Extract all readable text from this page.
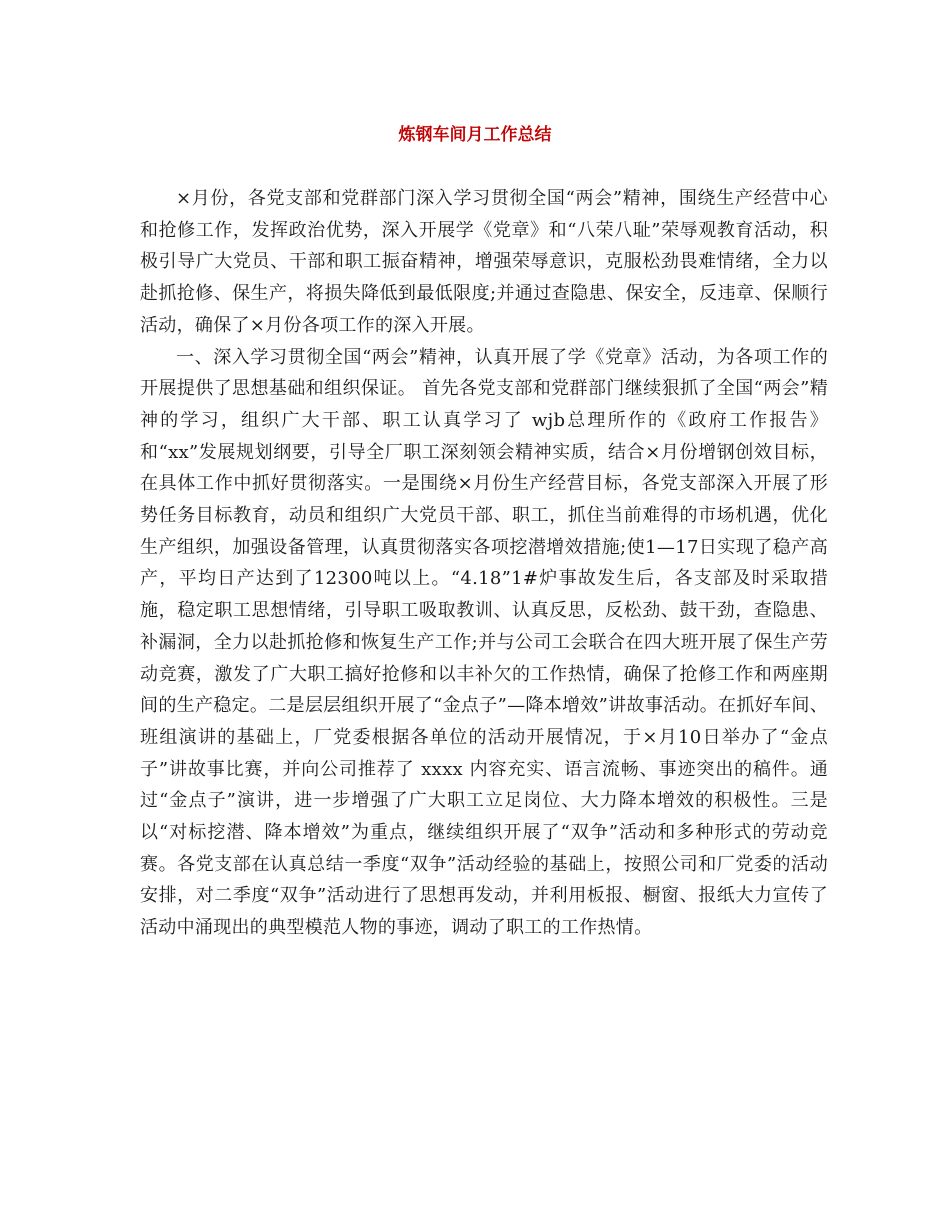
炼钢车间月工作总结

×月份，各党支部和党群部门深入学习贯彻全国“两会”精神，围绕生产经营中心和抢修工作，发挥政治优势，深入开展学《党章》和“八荣八耻”荣辱观教育活动，积极引导广大党员、干部和职工振奋精神，增强荣辱意识，克服松劲畏难情绪，全力以赴抓抢修、保生产，将损失降低到最低限度;并通过查隐患、保安全，反违章、保顺行活动，确保了×月份各项工作的深入开展。

一、深入学习贯彻全国“两会”精神，认真开展了学《党章》活动，为各项工作的开展提供了思想基础和组织保证。 首先各党支部和党群部门继续狠抓了全国“两会”精神的学习，组织广大干部、职工认真学习了 wjb总理所作的《政府工作报告》和“xx”发展规划纲要，引导全厂职工深刻领会精神实质，结合×月份增钢创效目标，在具体工作中抓好贯彻落实。一是围绕×月份生产经营目标，各党支部深入开展了形势任务目标教育，动员和组织广大党员干部、职工，抓住当前难得的市场机遇，优化生产组织，加强设备管理，认真贯彻落实各项挖潜增效措施;使1—17日实现了稳产高产，平均日产达到了12300吨以上。“4.18”1#炉事故发生后，各支部及时采取措施，稳定职工思想情绪，引导职工吸取教训、认真反思，反松劲、鼓干劲，查隐患、补漏洞，全力以赴抓抢修和恢复生产工作;并与公司工会联合在四大班开展了保生产劳动竞赛，激发了广大职工搞好抢修和以丰补欠的工作热情，确保了抢修工作和两座期间的生产稳定。二是层层组织开展了“金点子”—降本增效”讲故事活动。在抓好车间、班组演讲的基础上，厂党委根据各单位的活动开展情况，于×月10日举办了“金点子”讲故事比赛，并向公司推荐了 xxxx 内容充实、语言流畅、事迹突出的稿件。通过“金点子”演讲，进一步增强了广大职工立足岗位、大力降本增效的积极性。三是以“对标挖潜、降本增效”为重点，继续组织开展了“双争”活动和多种形式的劳动竞赛。各党支部在认真总结一季度“双争”活动经验的基础上，按照公司和厂党委的活动安排，对二季度“双争”活动进行了思想再发动，并利用板报、橱窗、报纸大力宣传了活动中涌现出的典型模范人物的事迹，调动了职工的工作热情。
